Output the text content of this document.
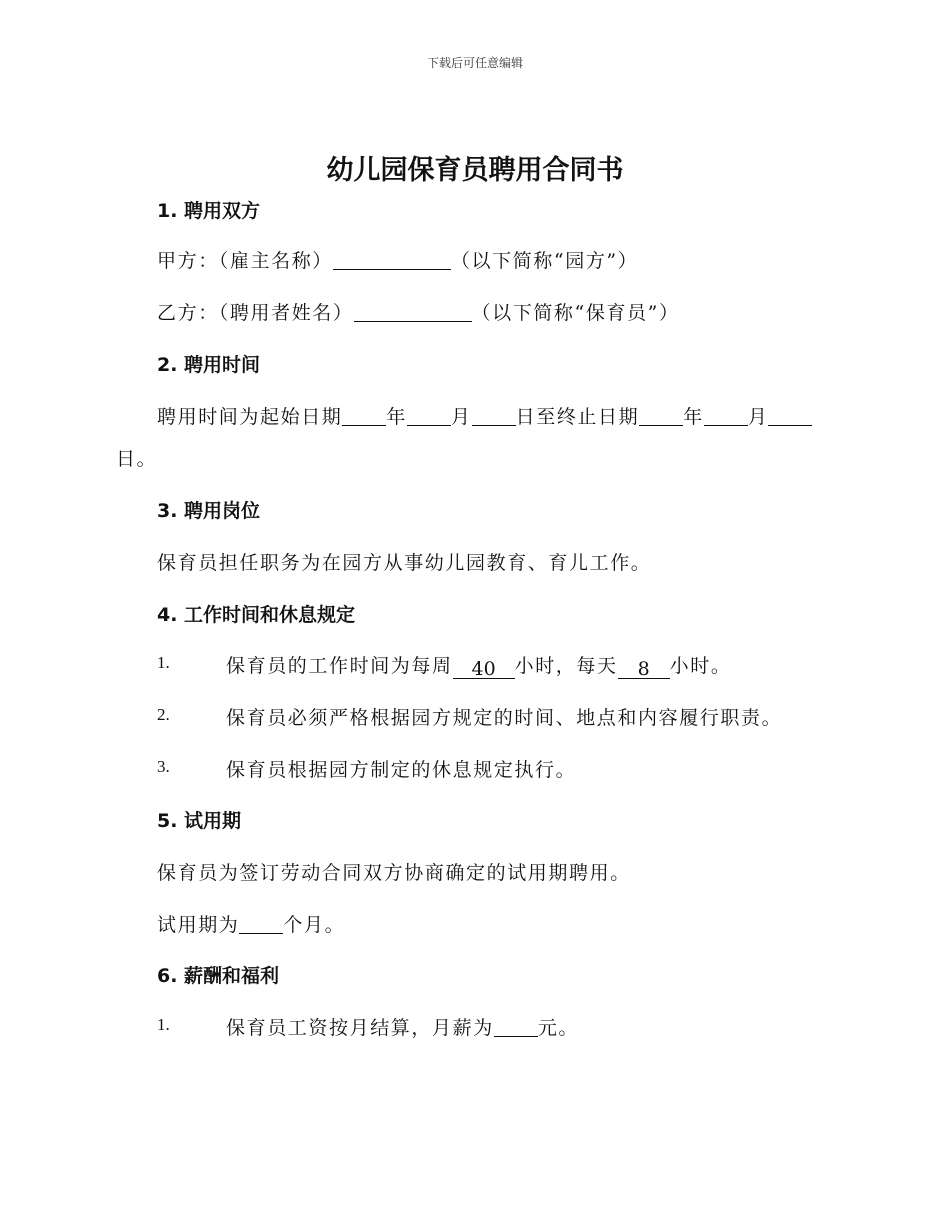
下载后可任意编辑
幼儿园保育员聘用合同书
1. 聘用双方
甲方：（雇主名称）	（以下简称“园方”）
乙方：（聘用者姓名）	（以下简称“保育员”）
2. 聘用时间
聘用时间为起始日期 年 月 日至终止日期 年 月
日。
3. 聘用岗位
保育员担任职务为在园方从事幼儿园教育、育儿工作。
4. 工作时间和休息规定
1.	保育员的工作时间为每周 40 小时，每天 8 小时。
2.	保育员必须严格根据园方规定的时间、地点和内容履行职责。
3.	保育员根据园方制定的休息规定执行。
5. 试用期
保育员为签订劳动合同双方协商确定的试用期聘用。
试用期为 个月。
6. 薪酬和福利
1.	保育员工资按月结算，月薪为 元。
